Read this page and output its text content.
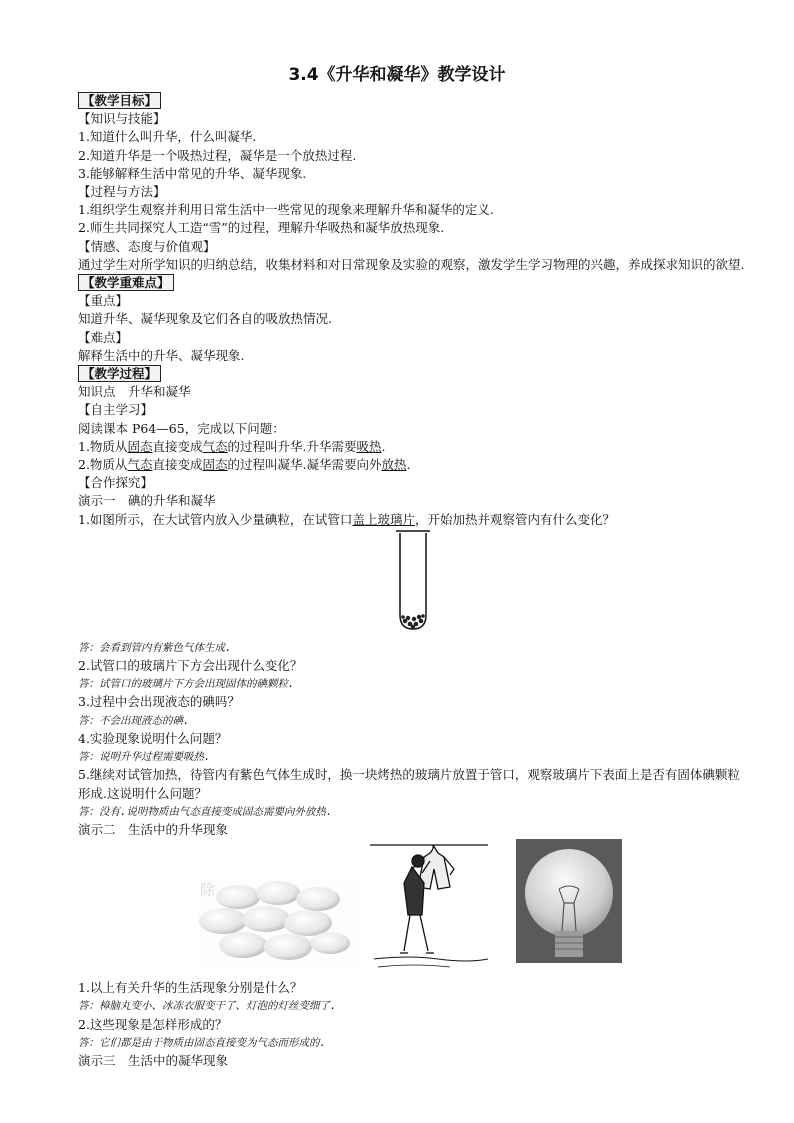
3.4《升华和凝华》教学设计

【教学目标】

【知识与技能】

1.知道什么叫升华，什么叫凝华.

2.知道升华是一个吸热过程，凝华是一个放热过程.

3.能够解释生活中常见的升华、凝华现象.

【过程与方法】

1.组织学生观察并利用日常生活中一些常见的现象来理解升华和凝华的定义.

2.师生共同探究人工造“雪”的过程，理解升华吸热和凝华放热现象.

【情感、态度与价值观】

通过学生对所学知识的归纳总结，收集材料和对日常现象及实验的观察，激发学生学习物理的兴趣，养成探求知识的欲望.

【教学重难点】

【重点】

知道升华、凝华现象及它们各自的吸放热情况.

【难点】

解释生活中的升华、凝华现象.

【教学过程】

知识点　升华和凝华

【自主学习】

阅读课本 P64—65，完成以下问题：

1.物质从固态直接变成气态的过程叫升华.升华需要吸热.

2.物质从气态直接变成固态的过程叫凝华.凝华需要向外放热.

【合作探究】

演示一　碘的升华和凝华

1.如图所示，在大试管内放入少量碘粒，在试管口盖上玻璃片，开始加热并观察管内有什么变化？

答：会看到管内有紫色气体生成.

2.试管口的玻璃片下方会出现什么变化？

答：试管口的玻璃片下方会出现固体的碘颗粒.

3.过程中会出现液态的碘吗？

答：不会出现液态的碘.

4.实验现象说明什么问题？

答：说明升华过程需要吸热.

5.继续对试管加热，待管内有紫色气体生成时，换一块烤热的玻璃片放置于管口，观察玻璃片下表面上是否有固体碘颗粒形成.这说明什么问题？

答：没有.说明物质由气态直接变成固态需要向外放热.

演示二　生活中的升华现象

除

1.以上有关升华的生活现象分别是什么？

答：樟脑丸变小、冰冻衣服变干了、灯泡的灯丝变细了.

2.这些现象是怎样形成的？

答：它们都是由于物质由固态直接变为气态而形成的.

演示三　生活中的凝华现象
